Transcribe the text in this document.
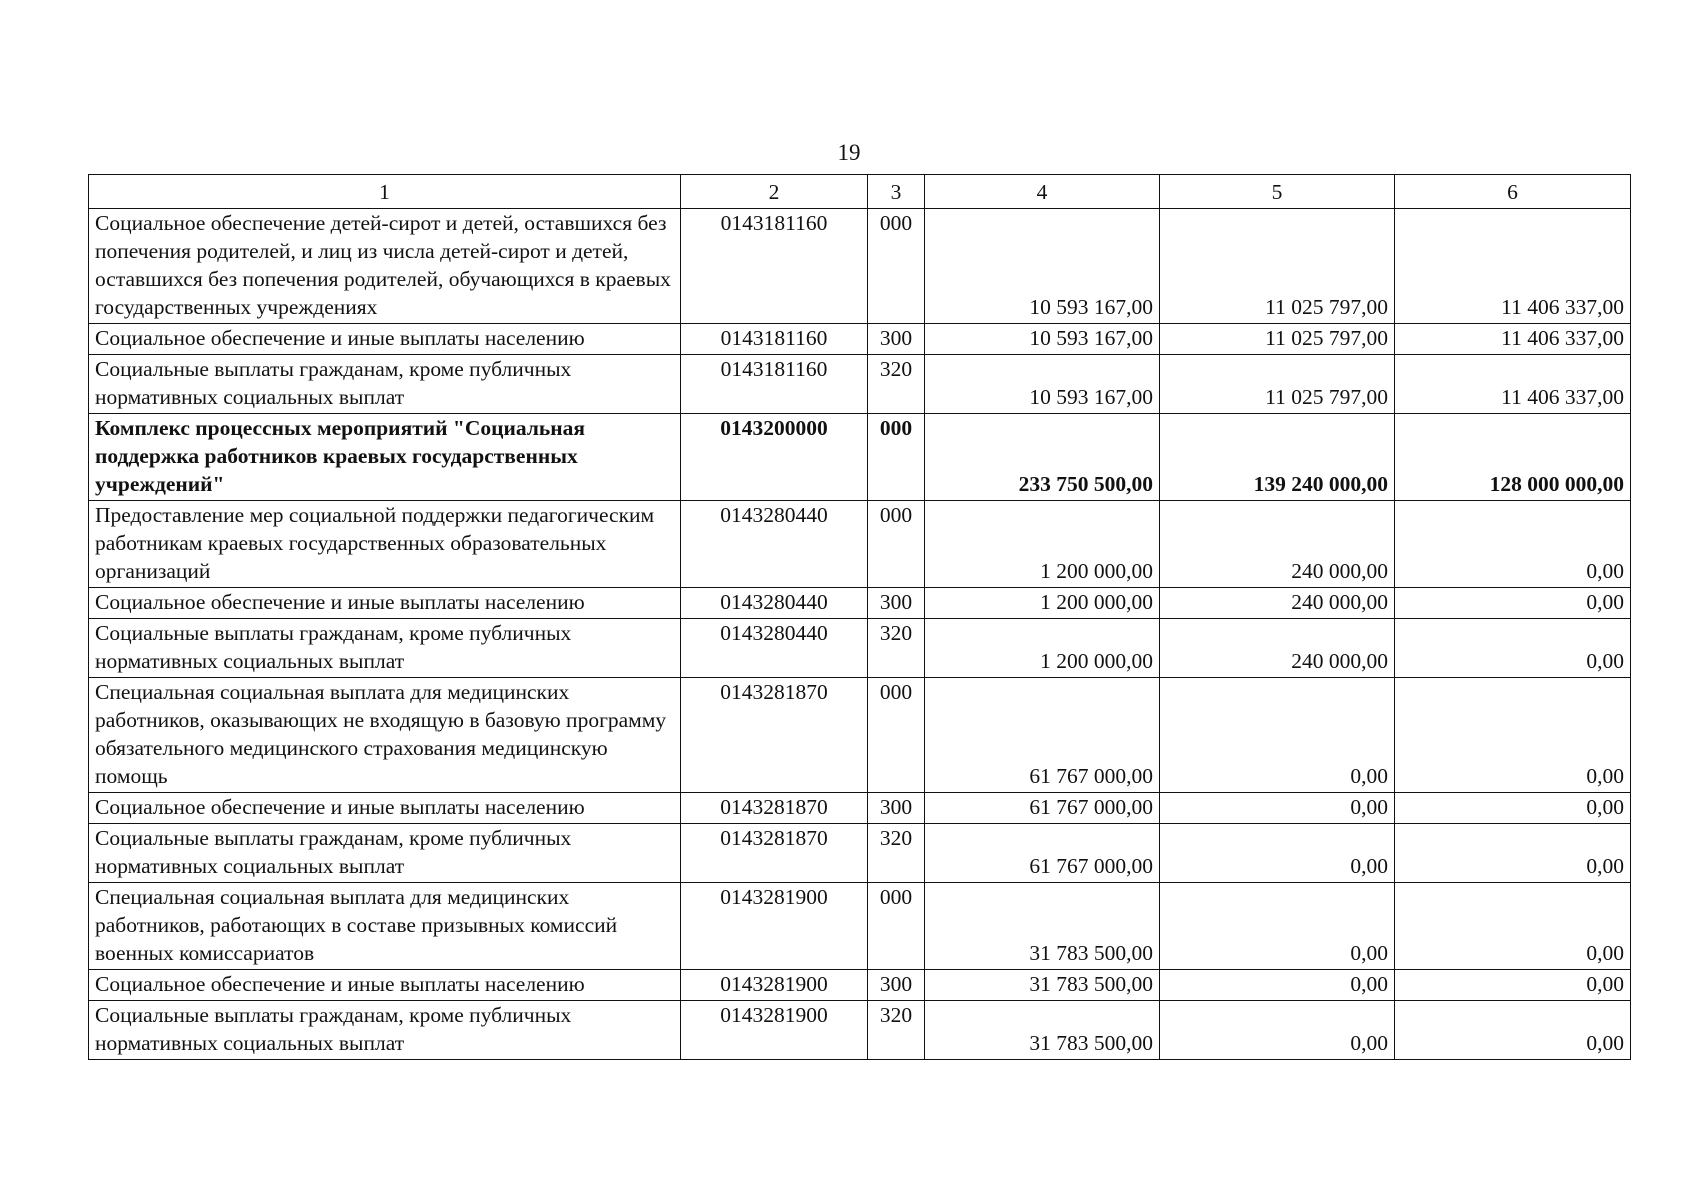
19
1	2	3	4	5	6
Социальное обеспечение детей-сирот и детей, оставшихся без попечения родителей, и лиц из числа детей-сирот и детей, оставшихся без попечения родителей, обучающихся в краевых государственных учреждениях	0143181160	000	10 593 167,00	11 025 797,00	11 406 337,00
Социальное обеспечение и иные выплаты населению	0143181160	300	10 593 167,00	11 025 797,00	11 406 337,00
Социальные выплаты гражданам, кроме публичных нормативных социальных выплат	0143181160	320	10 593 167,00	11 025 797,00	11 406 337,00
Комплекс процессных мероприятий "Социальная поддержка работников краевых государственных учреждений"	0143200000	000	233 750 500,00	139 240 000,00	128 000 000,00
Предоставление мер социальной поддержки педагогическим работникам краевых государственных образовательных организаций	0143280440	000	1 200 000,00	240 000,00	0,00
Социальное обеспечение и иные выплаты населению	0143280440	300	1 200 000,00	240 000,00	0,00
Социальные выплаты гражданам, кроме публичных нормативных социальных выплат	0143280440	320	1 200 000,00	240 000,00	0,00
Специальная социальная выплата для медицинских работников, оказывающих не входящую в базовую программу обязательного медицинского страхования медицинскую помощь	0143281870	000	61 767 000,00	0,00	0,00
Социальное обеспечение и иные выплаты населению	0143281870	300	61 767 000,00	0,00	0,00
Социальные выплаты гражданам, кроме публичных нормативных социальных выплат	0143281870	320	61 767 000,00	0,00	0,00
Специальная социальная выплата для медицинских работников, работающих в составе призывных комиссий военных комиссариатов	0143281900	000	31 783 500,00	0,00	0,00
Социальное обеспечение и иные выплаты населению	0143281900	300	31 783 500,00	0,00	0,00
Социальные выплаты гражданам, кроме публичных нормативных социальных выплат	0143281900	320	31 783 500,00	0,00	0,00
